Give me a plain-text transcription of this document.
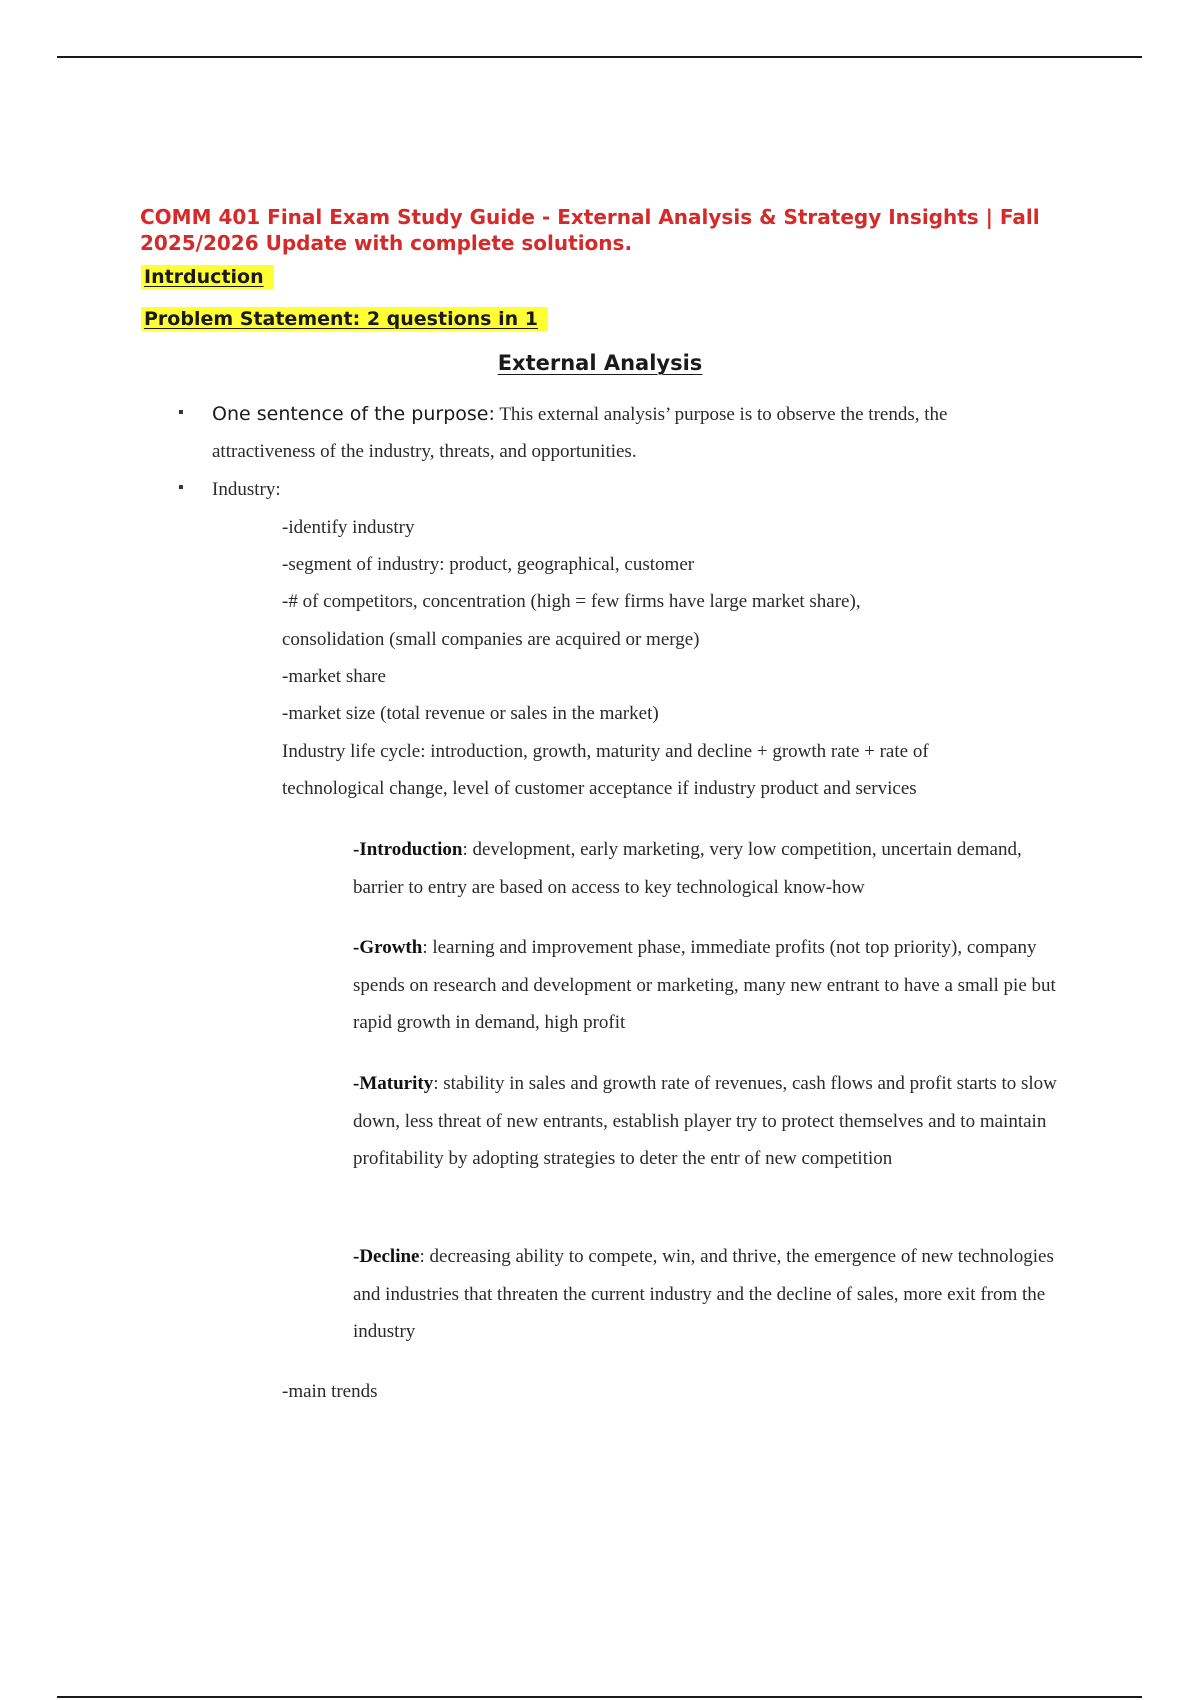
COMM 401 Final Exam Study Guide - External Analysis & Strategy Insights | Fall 2025/2026 Update with complete solutions.
Intrduction
Problem Statement: 2 questions in 1
External Analysis
▪ One sentence of the purpose: This external analysis’ purpose is to observe the trends, the

attractiveness of the industry, threats, and opportunities.

▪ Industry:

-identify industry

-segment of industry: product, geographical, customer

-# of competitors, concentration (high = few firms have large market share),

consolidation (small companies are acquired or merge)

-market share

-market size (total revenue or sales in the market)

Industry life cycle: introduction, growth, maturity and decline + growth rate + rate of

technological change, level of customer acceptance if industry product and services

-Introduction: development, early marketing, very low competition, uncertain demand, barrier to entry are based on access to key technological know-how

-Growth: learning and improvement phase, immediate profits (not top priority), company spends on research and development or marketing, many new entrant to have a small pie but rapid growth in demand, high profit

-Maturity: stability in sales and growth rate of revenues, cash flows and profit starts to slow down, less threat of new entrants, establish player try to protect themselves and to maintain profitability by adopting strategies to deter the entr of new competition

-Decline: decreasing ability to compete, win, and thrive, the emergence of new technologies and industries that threaten the current industry and the decline of sales, more exit from the industry

-main trends
